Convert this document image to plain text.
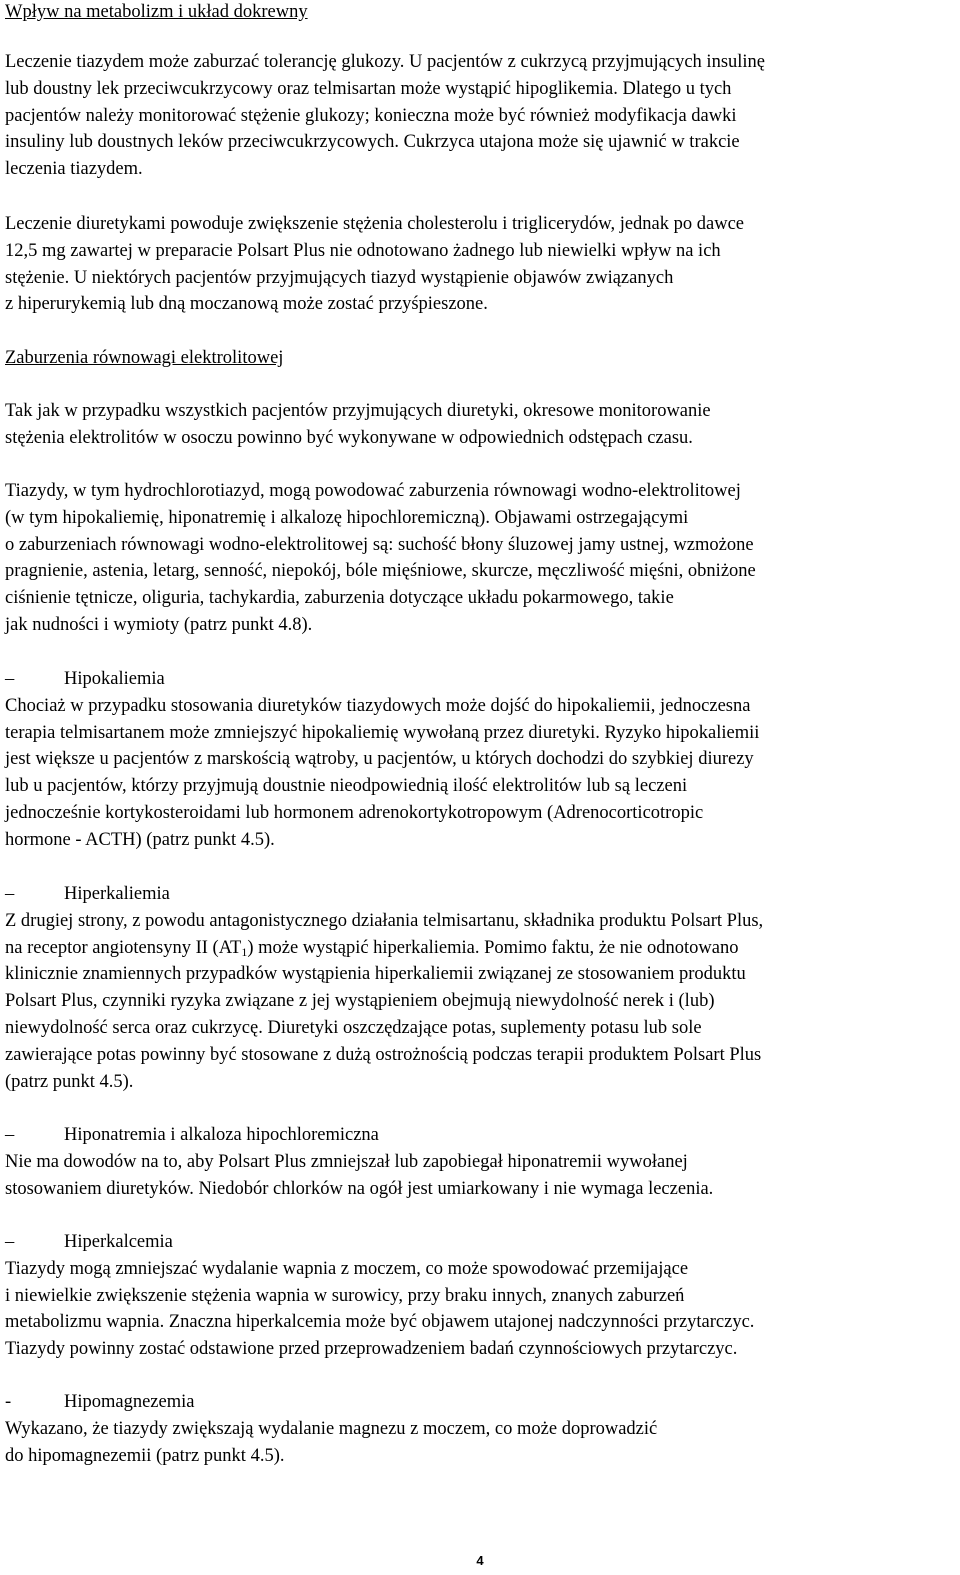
Wpływ na metabolizm i układ dokrewny
Leczenie tiazydem może zaburzać tolerancję glukozy. U pacjentów z cukrzycą przyjmujących insulinę
lub doustny lek przeciwcukrzycowy oraz telmisartan może wystąpić hipoglikemia. Dlatego u tych
pacjentów należy monitorować stężenie glukozy; konieczna może być również modyfikacja dawki
insuliny lub doustnych leków przeciwcukrzycowych. Cukrzyca utajona może się ujawnić w trakcie
leczenia tiazydem.
Leczenie diuretykami powoduje zwiększenie stężenia cholesterolu i triglicerydów, jednak po dawce
12,5 mg zawartej w preparacie Polsart Plus nie odnotowano żadnego lub niewielki wpływ na ich
stężenie. U niektórych pacjentów przyjmujących tiazyd wystąpienie objawów związanych
z hiperurykemią lub dną moczanową może zostać przyśpieszone.
Zaburzenia równowagi elektrolitowej
Tak jak w przypadku wszystkich pacjentów przyjmujących diuretyki, okresowe monitorowanie
stężenia elektrolitów w osoczu powinno być wykonywane w odpowiednich odstępach czasu.
Tiazydy, w tym hydrochlorotiazyd, mogą powodować zaburzenia równowagi wodno-elektrolitowej
(w tym hipokaliemię, hiponatremię i alkalozę hipochloremiczną). Objawami ostrzegającymi
o zaburzeniach równowagi wodno-elektrolitowej są: suchość błony śluzowej jamy ustnej, wzmożone
pragnienie, astenia, letarg, senność, niepokój, bóle mięśniowe, skurcze, męczliwość mięśni, obniżone
ciśnienie tętnicze, oliguria, tachykardia, zaburzenia dotyczące układu pokarmowego, takie
jak nudności i wymioty (patrz punkt 4.8).
–	Hipokaliemia
Chociaż w przypadku stosowania diuretyków tiazydowych może dojść do hipokaliemii, jednoczesna
terapia telmisartanem może zmniejszyć hipokaliemię wywołaną przez diuretyki. Ryzyko hipokaliemii
jest większe u pacjentów z marskością wątroby, u pacjentów, u których dochodzi do szybkiej diurezy
lub u pacjentów, którzy przyjmują doustnie nieodpowiednią ilość elektrolitów lub są leczeni
jednocześnie kortykosteroidami lub hormonem adrenokortykotropowym (Adrenocorticotropic
hormone - ACTH) (patrz punkt 4.5).
–	Hiperkaliemia
Z drugiej strony, z powodu antagonistycznego działania telmisartanu, składnika produktu Polsart Plus,
na receptor angiotensyny II $(AT_1)$ może wystąpić hiperkaliemia. Pomimo faktu, że nie odnotowano
klinicznie znamiennych przypadków wystąpienia hiperkaliemii związanej ze stosowaniem produktu
Polsart Plus, czynniki ryzyka związane z jej wystąpieniem obejmują niewydolność nerek i (lub)
niewydolność serca oraz cukrzycę. Diuretyki oszczędzające potas, suplementy potasu lub sole
zawierające potas powinny być stosowane z dużą ostrożnością podczas terapii produktem Polsart Plus
(patrz punkt 4.5).
–	Hiponatremia i alkaloza hipochloremiczna
Nie ma dowodów na to, aby Polsart Plus zmniejszał lub zapobiegał hiponatremii wywołanej
stosowaniem diuretyków. Niedobór chlorków na ogół jest umiarkowany i nie wymaga leczenia.
–	Hiperkalcemia
Tiazydy mogą zmniejszać wydalanie wapnia z moczem, co może spowodować przemijające
i niewielkie zwiększenie stężenia wapnia w surowicy, przy braku innych, znanych zaburzeń
metabolizmu wapnia. Znaczna hiperkalcemia może być objawem utajonej nadczynności przytarczyc.
Tiazydy powinny zostać odstawione przed przeprowadzeniem badań czynnościowych przytarczyc.
-	Hipomagnezemia
Wykazano, że tiazydy zwiększają wydalanie magnezu z moczem, co może doprowadzić
do hipomagnezemii (patrz punkt 4.5).
4
